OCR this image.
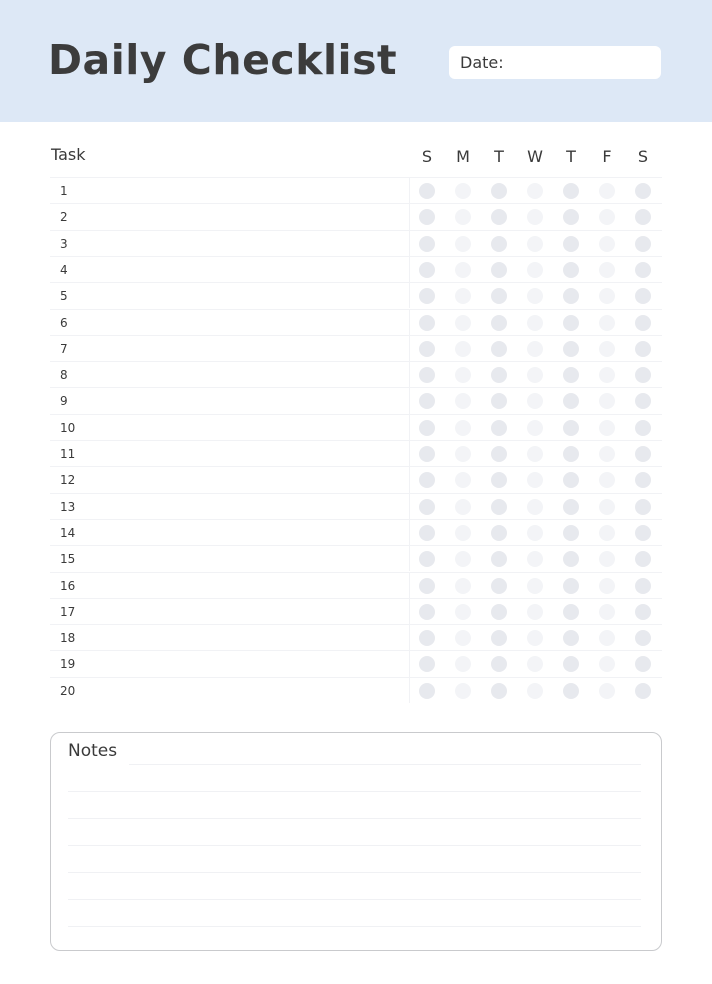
Daily Checklist	Date:
Task	S	M	T	W	T	F	S
1
2
3
4
5
6
7
8
9
10
11
12
13
14
15
16
17
18
19
20
Notes
